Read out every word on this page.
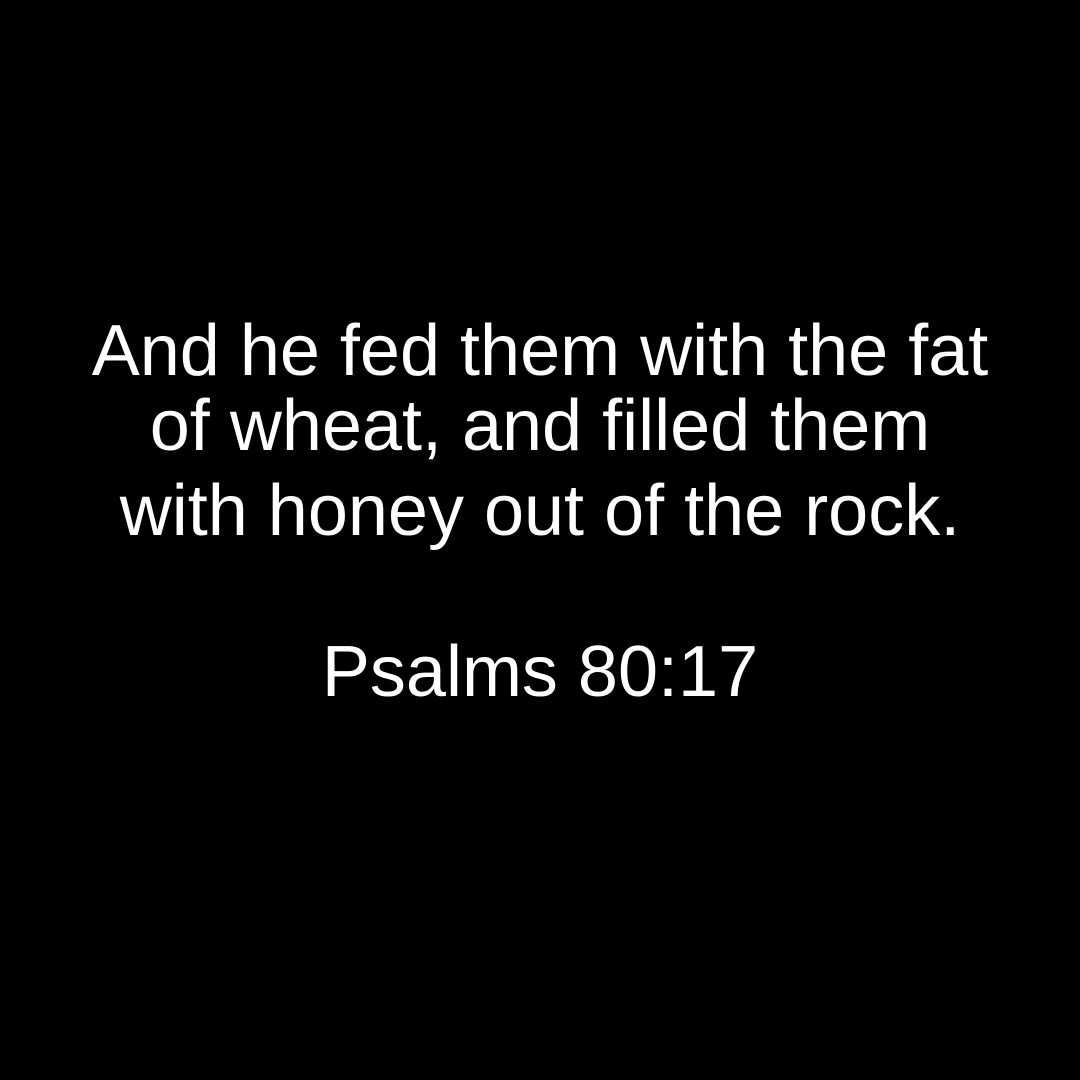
And he fed them with the fat
of wheat, and filled them
with honey out of the rock.
Psalms 80:17
